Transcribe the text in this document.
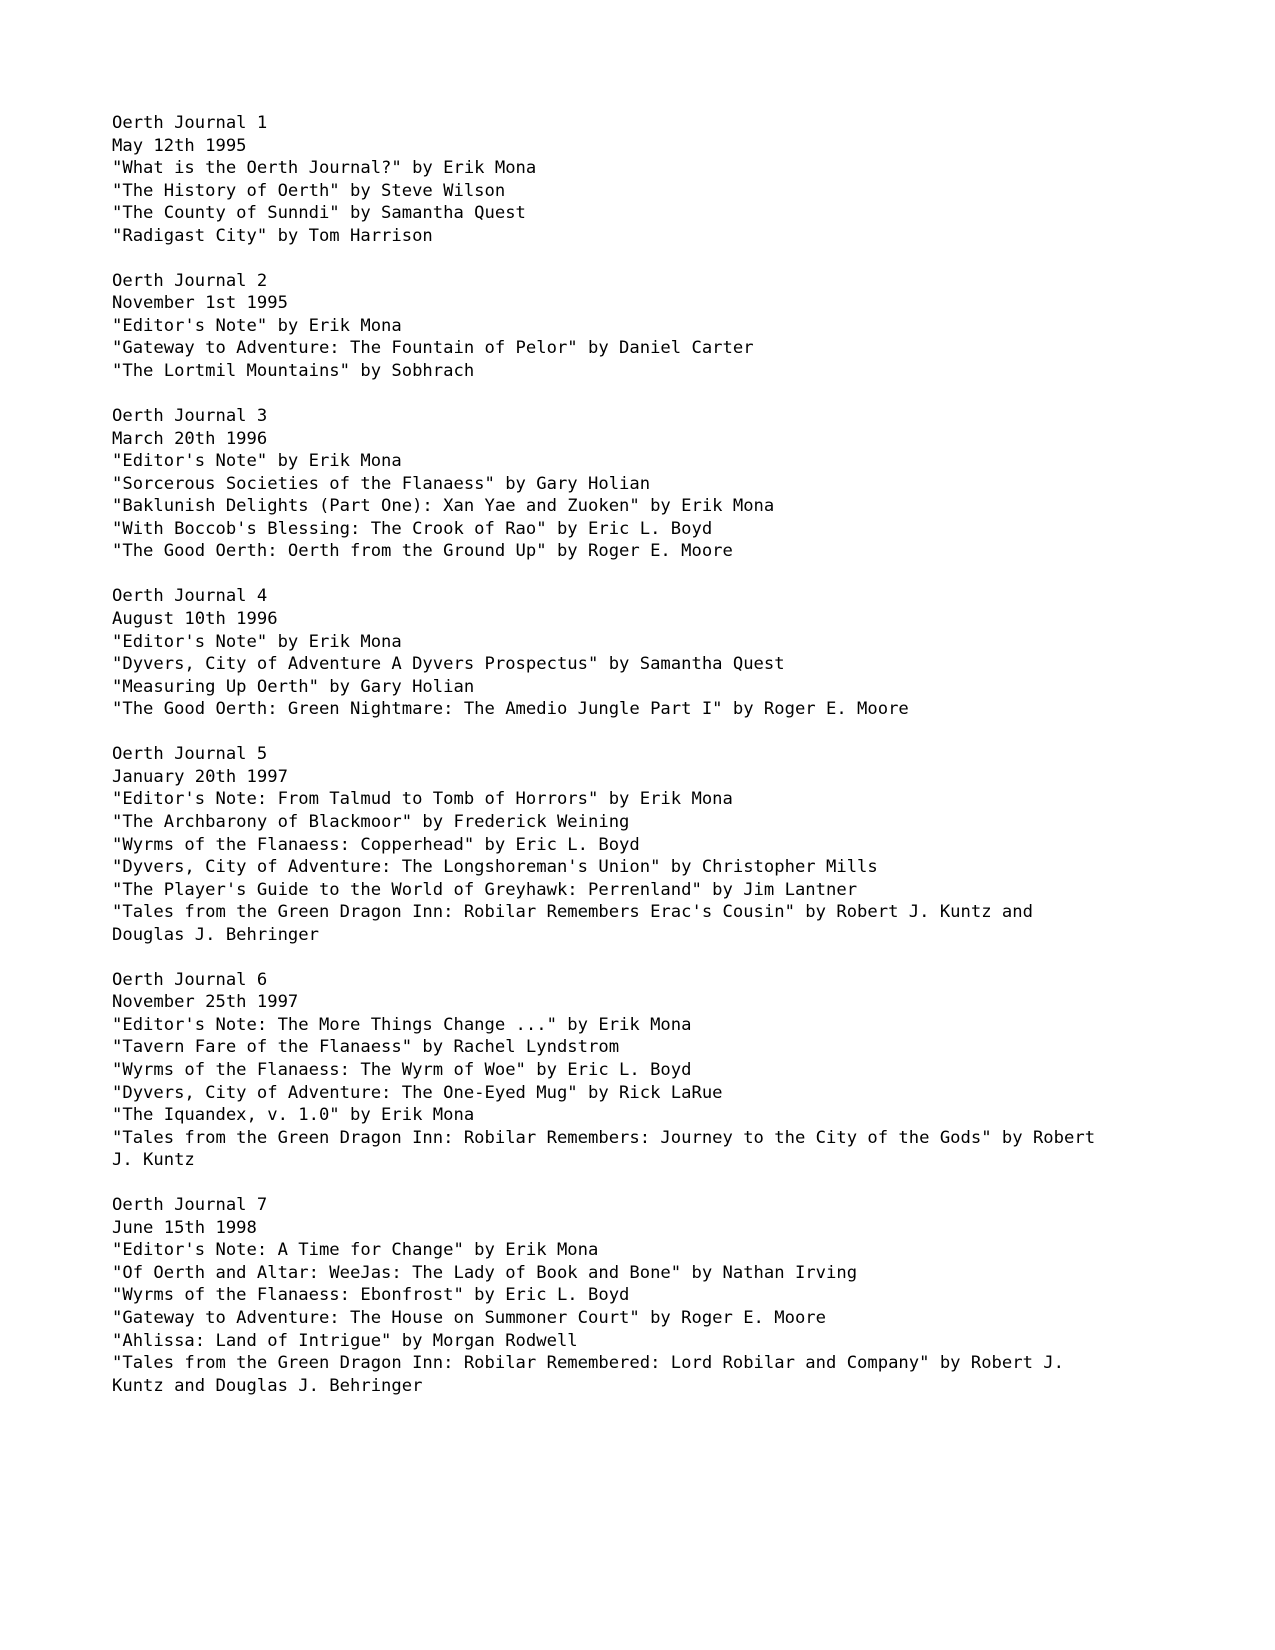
Oerth Journal 1
May 12th 1995
"What is the Oerth Journal?" by Erik Mona
"The History of Oerth" by Steve Wilson
"The County of Sunndi" by Samantha Quest
"Radigast City" by Tom Harrison
Oerth Journal 2
November 1st 1995
"Editor's Note" by Erik Mona
"Gateway to Adventure: The Fountain of Pelor" by Daniel Carter
"The Lortmil Mountains" by Sobhrach
Oerth Journal 3
March 20th 1996
"Editor's Note" by Erik Mona
"Sorcerous Societies of the Flanaess" by Gary Holian
"Baklunish Delights (Part One): Xan Yae and Zuoken" by Erik Mona
"With Boccob's Blessing: The Crook of Rao" by Eric L. Boyd
"The Good Oerth: Oerth from the Ground Up" by Roger E. Moore
Oerth Journal 4
August 10th 1996
"Editor's Note" by Erik Mona
"Dyvers, City of Adventure A Dyvers Prospectus" by Samantha Quest
"Measuring Up Oerth" by Gary Holian
"The Good Oerth: Green Nightmare: The Amedio Jungle Part I" by Roger E. Moore
Oerth Journal 5
January 20th 1997
"Editor's Note: From Talmud to Tomb of Horrors" by Erik Mona
"The Archbarony of Blackmoor" by Frederick Weining
"Wyrms of the Flanaess: Copperhead" by Eric L. Boyd
"Dyvers, City of Adventure: The Longshoreman's Union" by Christopher Mills
"The Player's Guide to the World of Greyhawk: Perrenland" by Jim Lantner
"Tales from the Green Dragon Inn: Robilar Remembers Erac's Cousin" by Robert J. Kuntz and Douglas J. Behringer
Oerth Journal 6
November 25th 1997
"Editor's Note: The More Things Change ..." by Erik Mona
"Tavern Fare of the Flanaess" by Rachel Lyndstrom
"Wyrms of the Flanaess: The Wyrm of Woe" by Eric L. Boyd
"Dyvers, City of Adventure: The One-Eyed Mug" by Rick LaRue
"The Iquandex, v. 1.0" by Erik Mona
"Tales from the Green Dragon Inn: Robilar Remembers: Journey to the City of the Gods" by Robert J. Kuntz
Oerth Journal 7
June 15th 1998
"Editor's Note: A Time for Change" by Erik Mona
"Of Oerth and Altar: WeeJas: The Lady of Book and Bone" by Nathan Irving
"Wyrms of the Flanaess: Ebonfrost" by Eric L. Boyd
"Gateway to Adventure: The House on Summoner Court" by Roger E. Moore
"Ahlissa: Land of Intrigue" by Morgan Rodwell
"Tales from the Green Dragon Inn: Robilar Remembered: Lord Robilar and Company" by Robert J. Kuntz and Douglas J. Behringer
